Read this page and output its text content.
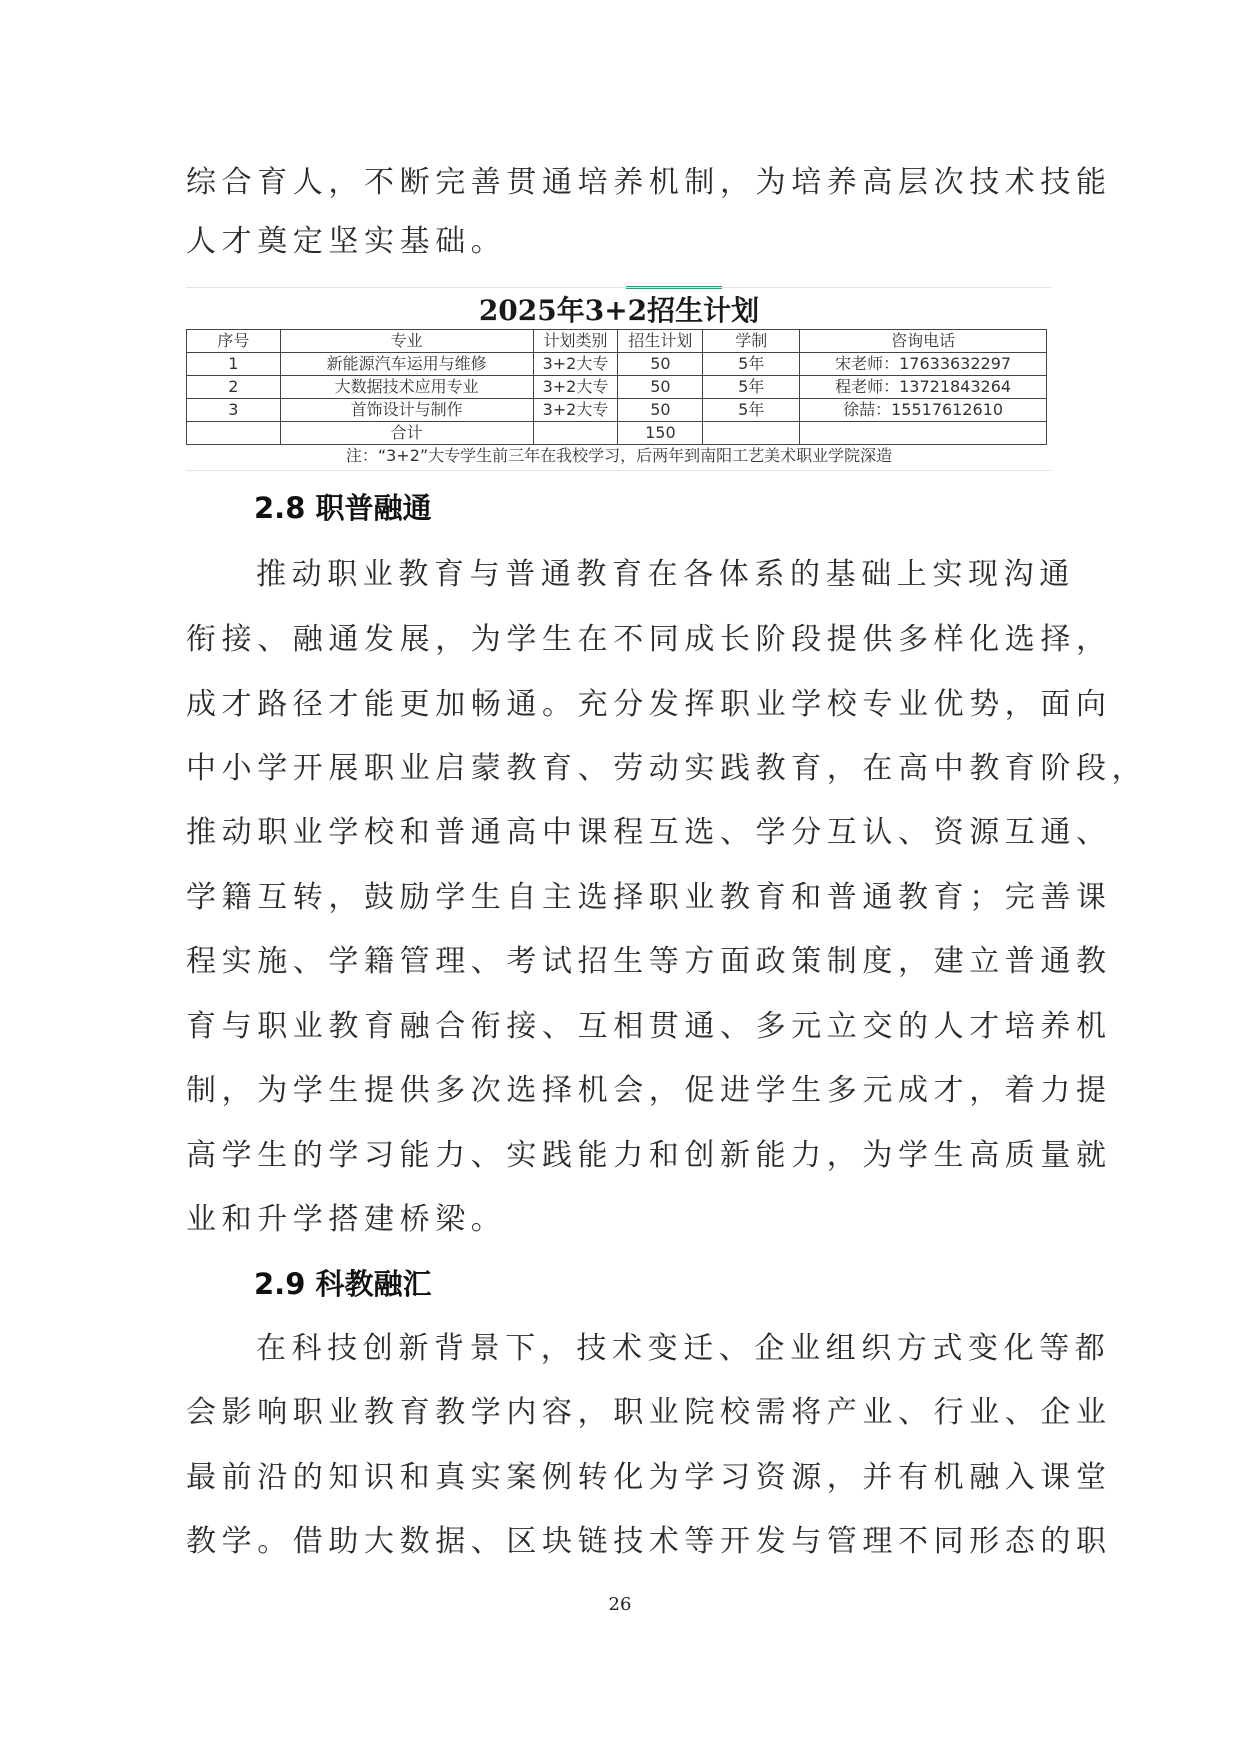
综合育人，不断完善贯通培养机制，为培养高层次技术技能
人才奠定坚实基础。
2025年3+2招生计划
序号	专业	计划类别	招生计划	学制	咨询电话
1	新能源汽车运用与维修	3+2大专	50	5年	宋老师：17633632297
2	大数据技术应用专业	3+2大专	50	5年	程老师：13721843264
3	首饰设计与制作	3+2大专	50	5年	徐喆：15517612610
	合计		150		
注：“3+2”大专学生前三年在我校学习，后两年到南阳工艺美术职业学院深造
2.8 职普融通
推动职业教育与普通教育在各体系的基础上实现沟通
衔接、融通发展，为学生在不同成长阶段提供多样化选择，
成才路径才能更加畅通。充分发挥职业学校专业优势，面向
中小学开展职业启蒙教育、劳动实践教育，在高中教育阶段，
推动职业学校和普通高中课程互选、学分互认、资源互通、
学籍互转，鼓励学生自主选择职业教育和普通教育；完善课
程实施、学籍管理、考试招生等方面政策制度，建立普通教
育与职业教育融合衔接、互相贯通、多元立交的人才培养机
制，为学生提供多次选择机会，促进学生多元成才，着力提
高学生的学习能力、实践能力和创新能力，为学生高质量就
业和升学搭建桥梁。
2.9 科教融汇
在科技创新背景下，技术变迁、企业组织方式变化等都
会影响职业教育教学内容，职业院校需将产业、行业、企业
最前沿的知识和真实案例转化为学习资源，并有机融入课堂
教学。借助大数据、区块链技术等开发与管理不同形态的职
26
